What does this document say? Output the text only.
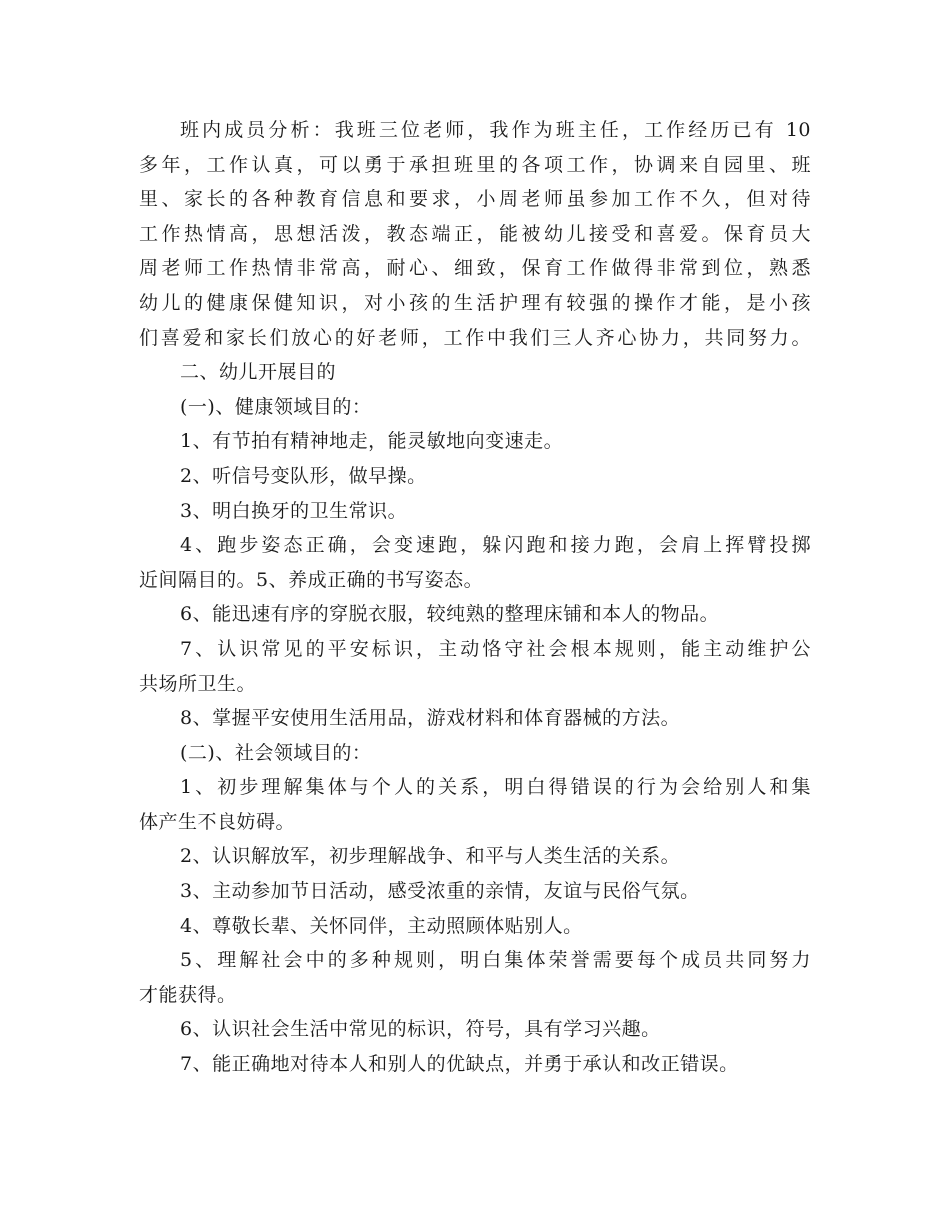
班内成员分析：我班三位老师，我作为班主任，工作经历已有 10
多年，工作认真，可以勇于承担班里的各项工作，协调来自园里、班
里、家长的各种教育信息和要求，小周老师虽参加工作不久，但对待
工作热情高，思想活泼，教态端正，能被幼儿接受和喜爱。保育员大
周老师工作热情非常高，耐心、细致，保育工作做得非常到位，熟悉
幼儿的健康保健知识，对小孩的生活护理有较强的操作才能，是小孩
们喜爱和家长们放心的好老师，工作中我们三人齐心协力，共同努力。
二、幼儿开展目的
(一)、健康领域目的：
1、有节拍有精神地走，能灵敏地向变速走。
2、听信号变队形，做早操。
3、明白换牙的卫生常识。
4、跑步姿态正确，会变速跑，躲闪跑和接力跑，会肩上挥臂投掷
近间隔目的。5、养成正确的书写姿态。
6、能迅速有序的穿脱衣服，较纯熟的整理床铺和本人的物品。
7、认识常见的平安标识，主动恪守社会根本规则，能主动维护公
共场所卫生。
8、掌握平安使用生活用品，游戏材料和体育器械的方法。
(二)、社会领域目的：
1、初步理解集体与个人的关系，明白得错误的行为会给别人和集
体产生不良妨碍。
2、认识解放军，初步理解战争、和平与人类生活的关系。
3、主动参加节日活动，感受浓重的亲情，友谊与民俗气氛。
4、尊敬长辈、关怀同伴，主动照顾体贴别人。
5、理解社会中的多种规则，明白集体荣誉需要每个成员共同努力
才能获得。
6、认识社会生活中常见的标识，符号，具有学习兴趣。
7、能正确地对待本人和别人的优缺点，并勇于承认和改正错误。
